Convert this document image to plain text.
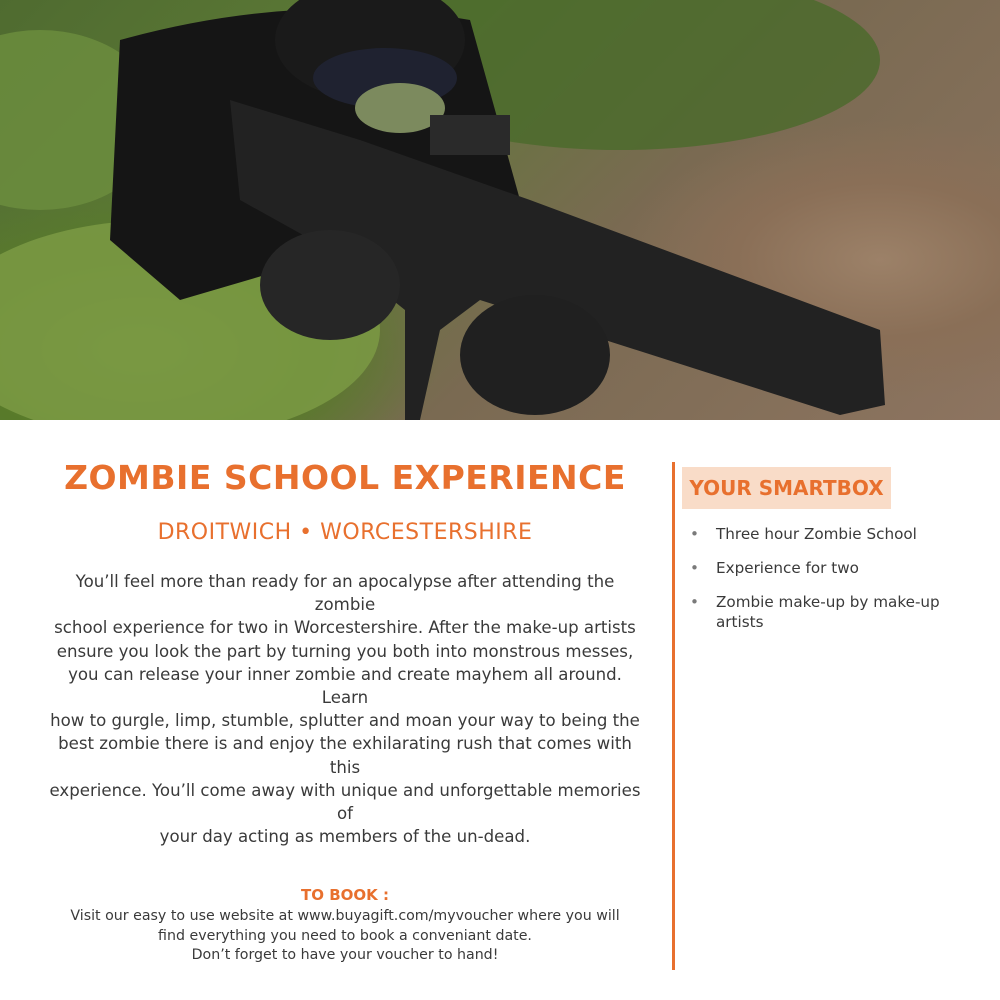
ZOMBIE SCHOOL EXPERIENCE
DROITWICH • WORCESTERSHIRE
You’ll feel more than ready for an apocalypse after attending the zombie
school experience for two in Worcestershire. After the make-up artists
ensure you look the part by turning you both into monstrous messes,
you can release your inner zombie and create mayhem all around. Learn
how to gurgle, limp, stumble, splutter and moan your way to being the
best zombie there is and enjoy the exhilarating rush that comes with this
experience. You’ll come away with unique and unforgettable memories of
your day acting as members of the un-dead.
TO BOOK :
Visit our easy to use website at www.buyagift.com/myvoucher where you will
find everything you need to book a conveniant date.
Don’t forget to have your voucher to hand!
YOUR SMARTBOX
• Three hour Zombie School
• Experience for two
• Zombie make-up by make-up artists
